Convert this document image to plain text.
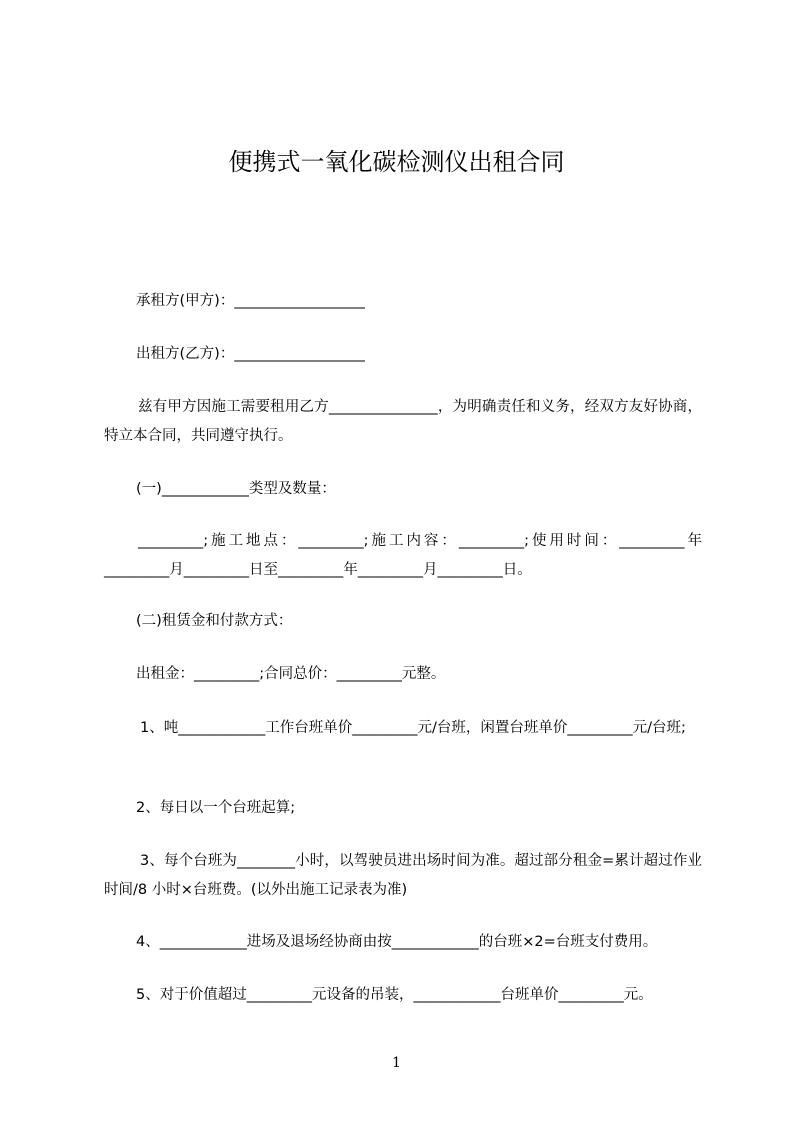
便携式一氧化碳检测仪出租合同
承租方(甲方)：__________________
出租方(乙方)：__________________
兹有甲方因施工需要租用乙方_______________，为明确责任和义务，经双方友好协商，特立本合同，共同遵守执行。
(一)____________类型及数量：
_________;施工地点：_________;施工内容：_________;使用时间：_________年_________月_________日至_________年_________月_________日。
(二)租赁金和付款方式：
出租金：_________;合同总价：_________元整。
1、吨____________工作台班单价_________元/台班，闲置台班单价_________元/台班;
2、每日以一个台班起算;
3、每个台班为________小时，以驾驶员进出场时间为准。超过部分租金=累计超过作业时间/8 小时×台班费。(以外出施工记录表为准)
4、____________进场及退场经协商由按____________的台班×2=台班支付费用。
5、对于价值超过_________元设备的吊装，____________台班单价_________元。
1
